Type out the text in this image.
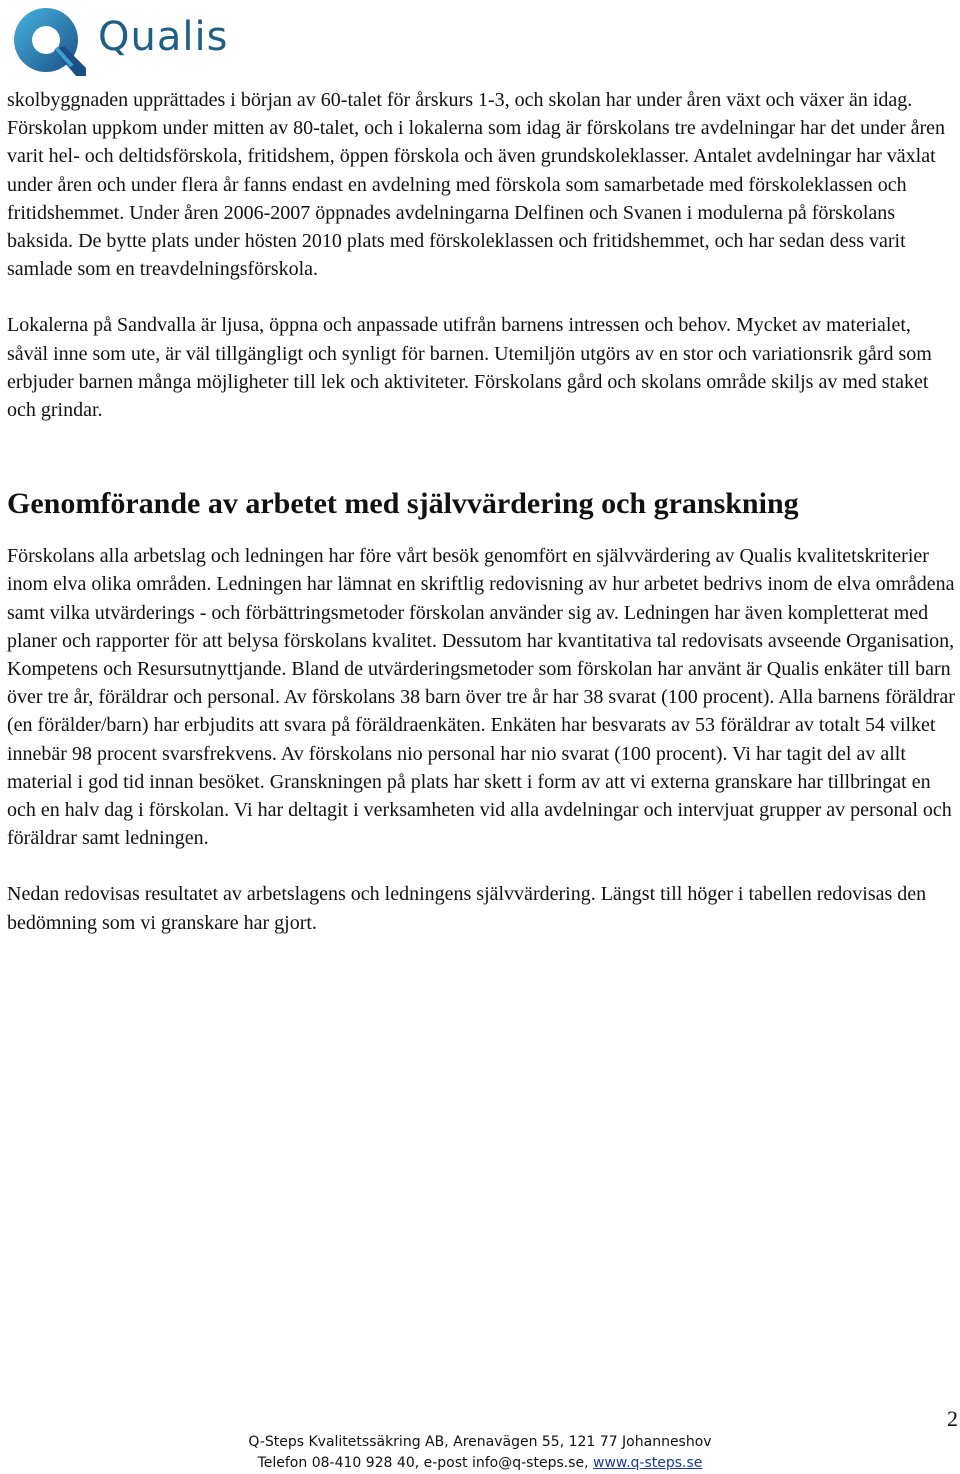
Qualis

skolbyggnaden upprättades i början av 60-talet för årskurs 1-3, och skolan har under åren växt och växer än idag. Förskolan uppkom under mitten av 80-talet, och i lokalerna som idag är förskolans tre avdelningar har det under åren varit hel- och deltidsförskola, fritidshem, öppen förskola och även grundskoleklasser. Antalet avdelningar har växlat under åren och under flera år fanns endast en avdelning med förskola som samarbetade med förskoleklassen och fritidshemmet. Under åren 2006-2007 öppnades avdelningarna Delfinen och Svanen i modulerna på förskolans baksida. De bytte plats under hösten 2010 plats med förskoleklassen och fritidshemmet, och har sedan dess varit samlade som en treavdelningsförskola.

Lokalerna på Sandvalla är ljusa, öppna och anpassade utifrån barnens intressen och behov. Mycket av materialet, såväl inne som ute, är väl tillgängligt och synligt för barnen. Utemiljön utgörs av en stor och variationsrik gård som erbjuder barnen många möjligheter till lek och aktiviteter. Förskolans gård och skolans område skiljs av med staket och grindar.

Genomförande av arbetet med självvärdering och granskning

Förskolans alla arbetslag och ledningen har före vårt besök genomfört en självvärdering av Qualis kvalitetskriterier inom elva olika områden. Ledningen har lämnat en skriftlig redovisning av hur arbetet bedrivs inom de elva områdena samt vilka utvärderings - och förbättringsmetoder förskolan använder sig av. Ledningen har även kompletterat med planer och rapporter för att belysa förskolans kvalitet. Dessutom har kvantitativa tal redovisats avseende Organisation, Kompetens och Resursutnyttjande. Bland de utvärderingsmetoder som förskolan har använt är Qualis enkäter till barn över tre år, föräldrar och personal. Av förskolans 38 barn över tre år har 38 svarat (100 procent). Alla barnens föräldrar (en förälder/barn) har erbjudits att svara på föräldraenkäten. Enkäten har besvarats av 53 föräldrar av totalt 54 vilket innebär 98 procent svarsfrekvens. Av förskolans nio personal har nio svarat (100 procent). Vi har tagit del av allt material i god tid innan besöket. Granskningen på plats har skett i form av att vi externa granskare har tillbringat en och en halv dag i förskolan. Vi har deltagit i verksamheten vid alla avdelningar och intervjuat grupper av personal och föräldrar samt ledningen.

Nedan redovisas resultatet av arbetslagens och ledningens självvärdering. Längst till höger i tabellen redovisas den bedömning som vi granskare har gjort.

2
Q-Steps Kvalitetssäkring AB, Arenavägen 55, 121 77 Johanneshov
Telefon 08-410 928 40, e-post info@q-steps.se, www.q-steps.se
